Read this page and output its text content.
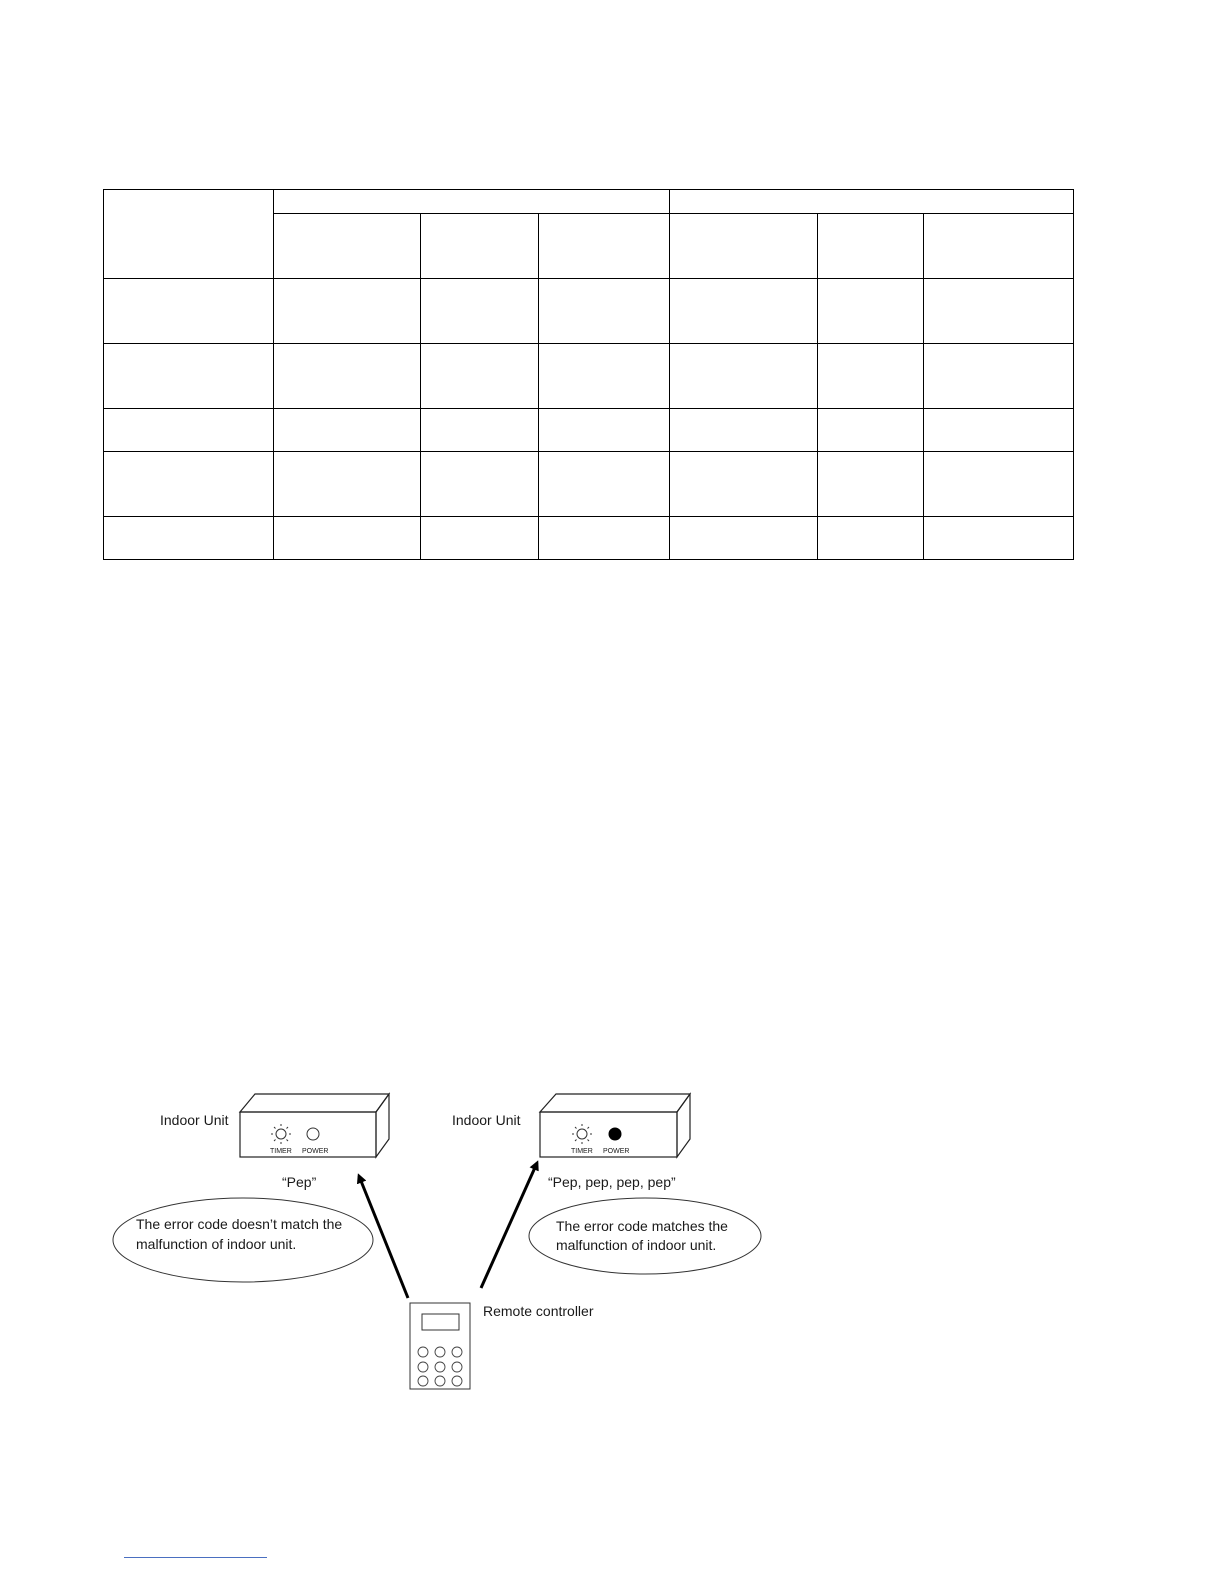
Indoor Unit
TIMER POWER
“Pep”
The error code doesn’t match the
malfunction of indoor unit.
Indoor Unit
TIMER POWER
“Pep, pep, pep, pep”
The error code matches the
malfunction of indoor unit.
Remote controller
